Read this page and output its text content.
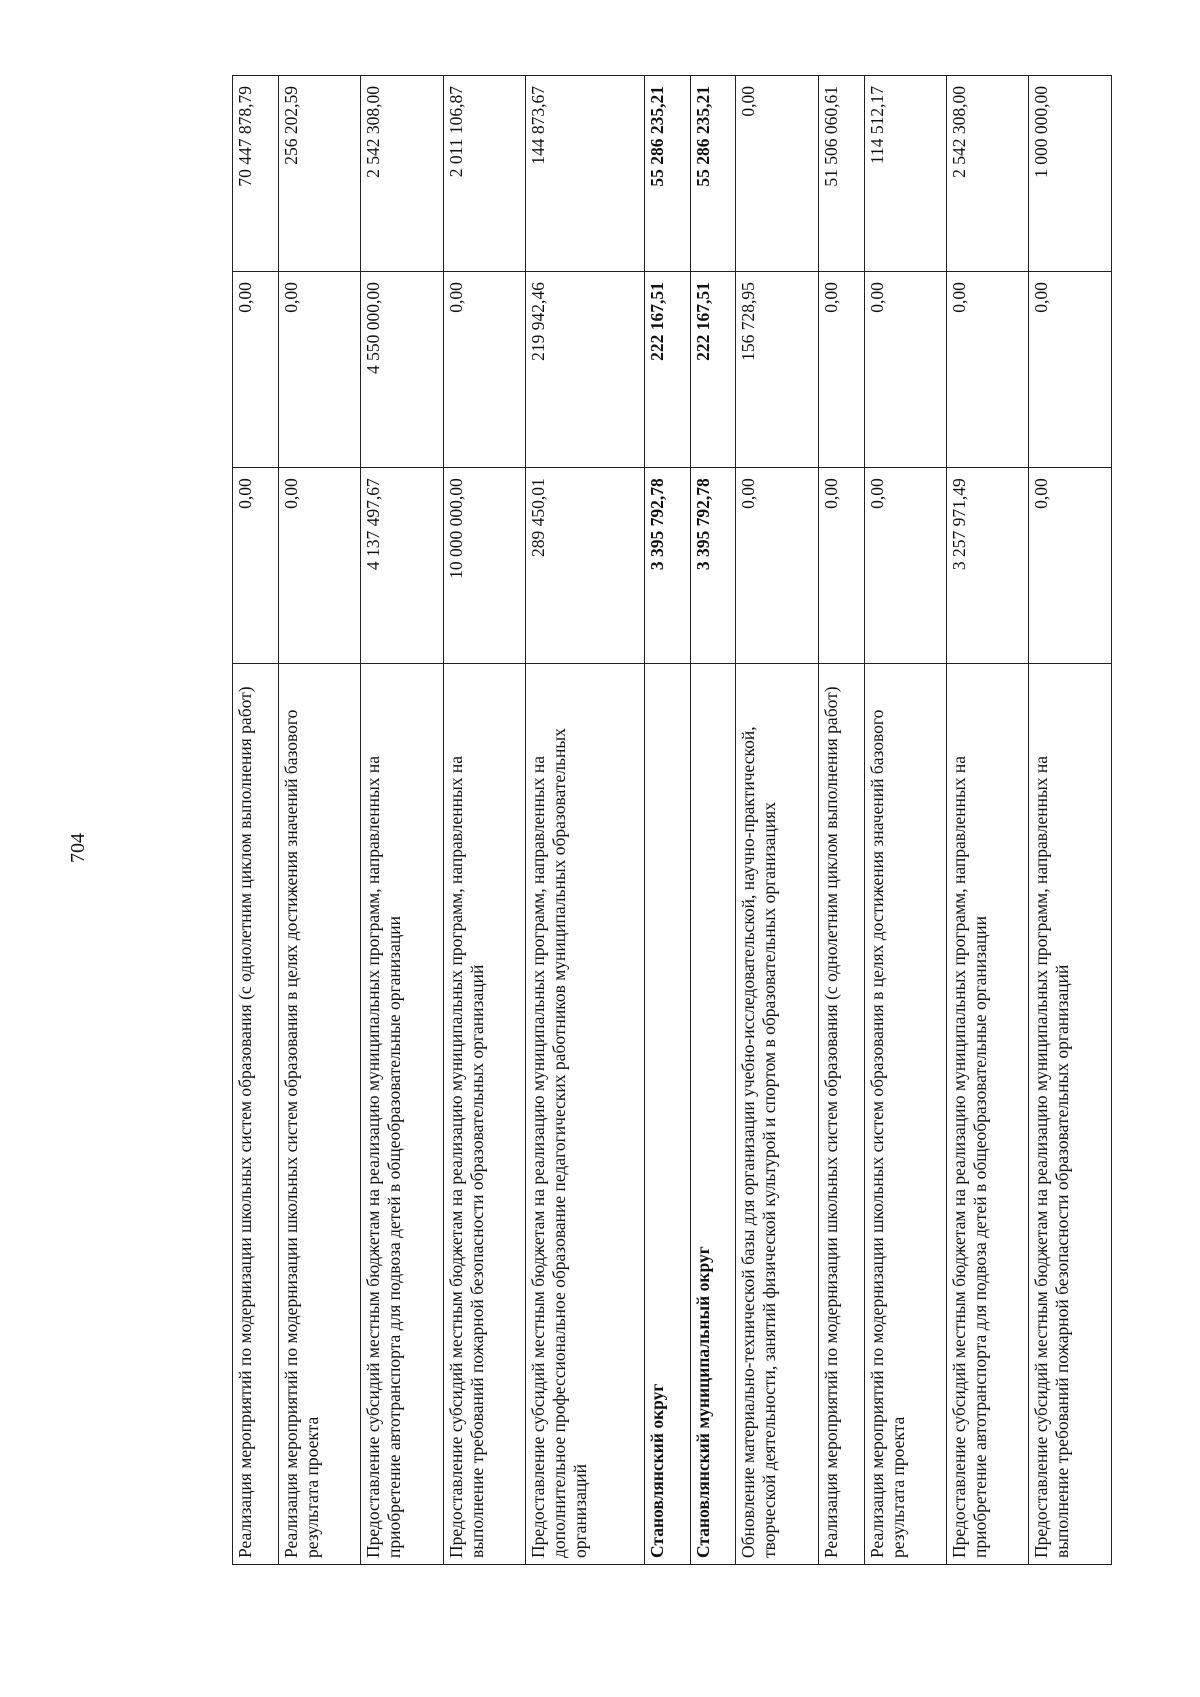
704	Реализация мероприятий по модернизации школьных систем образования (с однолетним циклом выполнения работ)	0,00	0,00	70 447 878,79
Реализация мероприятий по модернизации школьных систем образования в целях достижения значений базового результата проекта	0,00	0,00	256 202,59
Предоставление субсидий местным бюджетам на реализацию муниципальных программ, направленных на приобретение автотранспорта для подвоза детей в общеобразовательные организации	4 137 497,67	4 550 000,00	2 542 308,00
Предоставление субсидий местным бюджетам на реализацию муниципальных программ, направленных на выполнение требований пожарной безопасности образовательных организаций	10 000 000,00	0,00	2 011 106,87
Предоставление субсидий местным бюджетам на реализацию муниципальных программ, направленных на дополнительное профессиональное образование педагогических работников муниципальных образовательных организаций	289 450,01	219 942,46	144 873,67
Становлянский округ	3 395 792,78	222 167,51	55 286 235,21
Становлянский муниципальный округ	3 395 792,78	222 167,51	55 286 235,21
Обновление материально-технической базы для организации учебно-исследовательской, научно-практической, творческой деятельности, занятий физической культурой и спортом в образовательных организациях	0,00	156 728,95	0,00
Реализация мероприятий по модернизации школьных систем образования (с однолетним циклом выполнения работ)	0,00	0,00	51 506 060,61
Реализация мероприятий по модернизации школьных систем образования в целях достижения значений базового результата проекта	0,00	0,00	114 512,17
Предоставление субсидий местным бюджетам на реализацию муниципальных программ, направленных на приобретение автотранспорта для подвоза детей в общеобразовательные организации	3 257 971,49	0,00	2 542 308,00
Предоставление субсидий местным бюджетам на реализацию муниципальных программ, направленных на выполнение требований пожарной безопасности образовательных организаций	0,00	0,00	1 000 000,00
